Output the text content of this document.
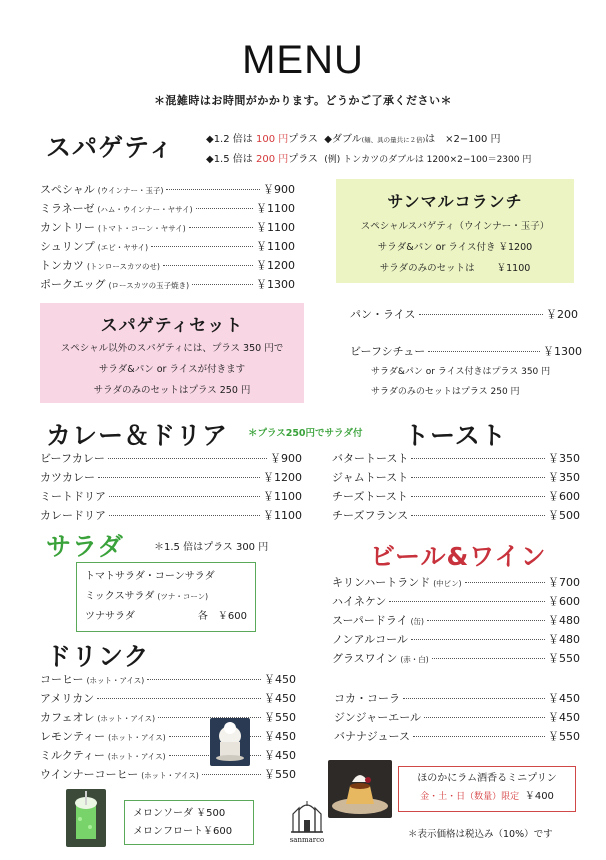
MENU
＊混雑時はお時間がかかります。どうかご了承ください＊
スパゲティ	◆1.2 倍は 100 円プラス ◆ダブル(麺、具の量共に２倍)は　×2−100 円
◆1.5 倍は 200 円プラス (例) トンカツのダブルは 1200×2−100＝2300 円
スペシャル (ウインナー・玉子)	￥900
ミラネーゼ (ハム・ウインナー・ヤサイ)	￥1100
カントリー (トマト・コーン・ヤサイ)	￥1100
シュリンプ (エビ・ヤサイ)	￥1100
トンカツ (トンロースカツのせ)	￥1200
ポークエッグ (ロースカツの玉子焼き)	￥1300
サンマルコランチ
スペシャルスパゲティ（ウインナー・玉子）
サラダ&パン or ライス付き ￥1200
サラダのみのセットは　　 ￥1100
スパゲティセット
スペシャル以外のスパゲティには、プラス 350 円で
サラダ&パン or ライスが付きます
サラダのみのセットはプラス 250 円
パン・ライス	￥200
ビーフシチュー	￥1300
サラダ&パン or ライス付きはプラス 350 円
サラダのみのセットはプラス 250 円
カレー＆ドリア ＊プラス250円でサラダ付
ビーフカレー	￥900
カツカレー	￥1200
ミートドリア	￥1100
カレードリア	￥1100
トースト
バタートースト	￥350
ジャムトースト	￥350
チーズトースト	￥600
チーズフランス	￥500
サラダ	＊1.5 倍はプラス 300 円
トマトサラダ・コーンサラダ
ミックスサラダ (ツナ・コーン)
ツナサラダ	各　￥600
ビール&ワイン
キリンハートランド (中ビン)	￥700
ハイネケン	￥600
スーパードライ (缶)	￥480
ノンアルコール	￥480
グラスワイン (赤・白)	￥550
ドリンク
コーヒー (ホット・アイス)	￥450
アメリカン	￥450
カフェオレ (ホット・アイス)	￥550
レモンティー (ホット・アイス)	￥450
ミルクティー (ホット・アイス)	￥450
ウインナーコーヒー (ホット・アイス)	￥550
コカ・コーラ	￥450
ジンジャーエール	￥450
バナナジュース	￥550
メロンソーダ ￥500
メロンフロート￥600
sanmarco
ほのかにラム酒香るミニプリン
金・土・日（数量）限定 ￥400
＊表示価格は税込み（10%）です
